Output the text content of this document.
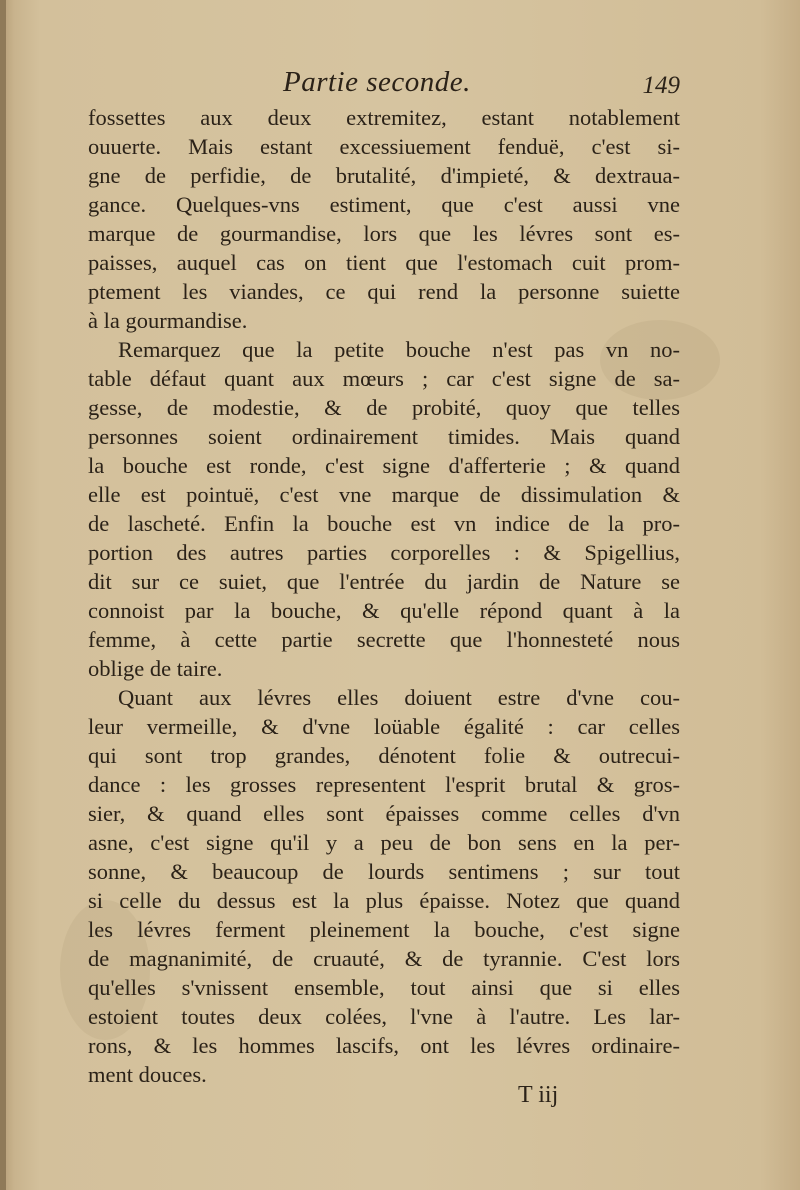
Partie seconde.	149
fossettes aux deux extremitez, estant notablement
ouuerte. Mais estant excessiuement fenduë, c'est si-
gne de perfidie, de brutalité, d'impieté, & dextraua-
gance. Quelques-vns estiment, que c'est aussi vne
marque de gourmandise, lors que les lévres sont es-
paisses, auquel cas on tient que l'estomach cuit prom-
ptement les viandes, ce qui rend la personne suiette
à la gourmandise.
Remarquez que la petite bouche n'est pas vn no-
table défaut quant aux mœurs ; car c'est signe de sa-
gesse, de modestie, & de probité, quoy que telles
personnes soient ordinairement timides. Mais quand
la bouche est ronde, c'est signe d'afferterie ; & quand
elle est pointuë, c'est vne marque de dissimulation &
de lascheté. Enfin la bouche est vn indice de la pro-
portion des autres parties corporelles : & Spigellius,
dit sur ce suiet, que l'entrée du jardin de Nature se
connoist par la bouche, & qu'elle répond quant à la
femme, à cette partie secrette que l'honnesteté nous
oblige de taire.
Quant aux lévres elles doiuent estre d'vne cou-
leur vermeille, & d'vne loüable égalité : car celles
qui sont trop grandes, dénotent folie & outrecui-
dance : les grosses representent l'esprit brutal & gros-
sier, & quand elles sont épaisses comme celles d'vn
asne, c'est signe qu'il y a peu de bon sens en la per-
sonne, & beaucoup de lourds sentimens ; sur tout
si celle du dessus est la plus épaisse. Notez que quand
les lévres ferment pleinement la bouche, c'est signe
de magnanimité, de cruauté, & de tyrannie. C'est lors
qu'elles s'vnissent ensemble, tout ainsi que si elles
estoient toutes deux colées, l'vne à l'autre. Les lar-
rons, & les hommes lascifs, ont les lévres ordinaire-
ment douces.
T iij
